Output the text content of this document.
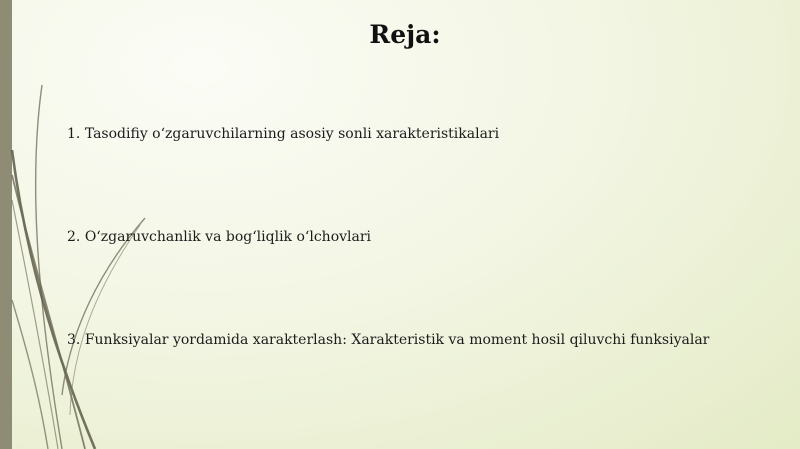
Reja:
1 . Tasodifiy o‘zgaruvchilarning asosiy sonli xarakteristikalari
2 . O‘zgaruvchanlik va bog‘liqlik o‘lchovlari
3 . Funksiyalar yordamida xarakterlash: Xarakteristik va moment hosil qiluvchi funksiyalar
